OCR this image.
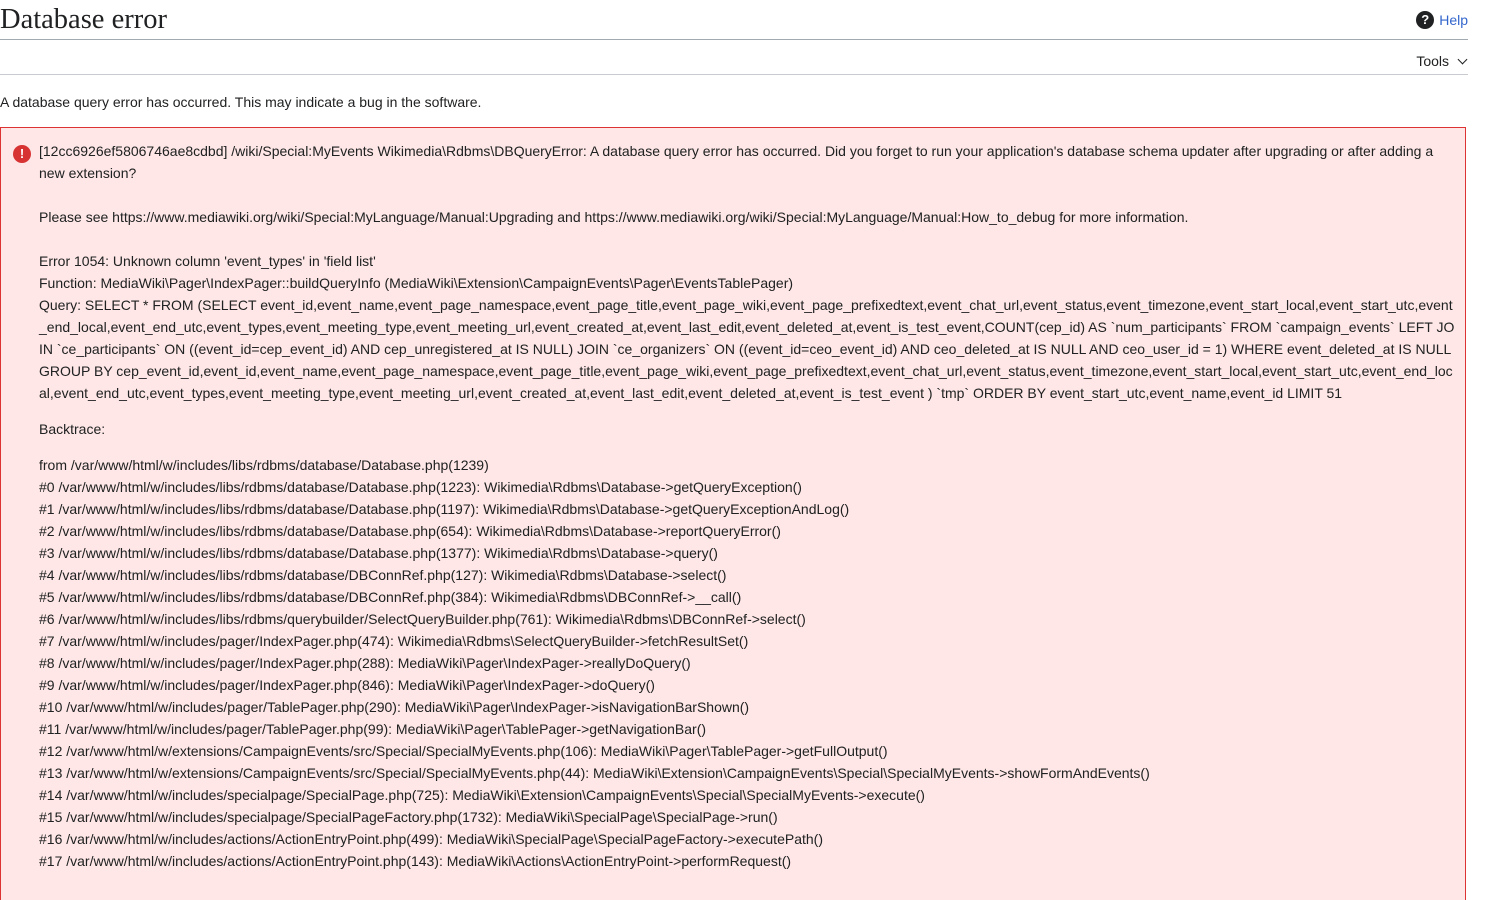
Database error	? Help
Tools
A database query error has occurred. This may indicate a bug in the software.
!	[12cc6926ef5806746ae8cdbd] /wiki/Special:MyEvents Wikimedia\Rdbms\DBQueryError: A database query error has occurred. Did you forget to run your application's database schema updater after upgrading or after adding a new extension?

Please see https://www.mediawiki.org/wiki/Special:MyLanguage/Manual:Upgrading and https://www.mediawiki.org/wiki/Special:MyLanguage/Manual:How_to_debug for more information.

Error 1054: Unknown column 'event_types' in 'field list'

Function: MediaWiki\Pager\IndexPager::buildQueryInfo (MediaWiki\Extension\CampaignEvents\Pager\EventsTablePager)

Query: SELECT * FROM (SELECT event_id,event_name,event_page_namespace,event_page_title,event_page_wiki,event_page_prefixedtext,event_chat_url,event_status,event_timezone,event_start_local,event_start_utc,event_end_local,event_end_utc,event_types,event_meeting_type,event_meeting_url,event_created_at,event_last_edit,event_deleted_at,event_is_test_event,COUNT(cep_id) AS `num_participants` FROM `campaign_events` LEFT JOIN `ce_participants` ON ((event_id=cep_event_id) AND cep_unregistered_at IS NULL) JOIN `ce_organizers` ON ((event_id=ceo_event_id) AND ceo_deleted_at IS NULL AND ceo_user_id = 1) WHERE event_deleted_at IS NULL GROUP BY cep_event_id,event_id,event_name,event_page_namespace,event_page_title,event_page_wiki,event_page_prefixedtext,event_chat_url,event_status,event_timezone,event_start_local,event_start_utc,event_end_local,event_end_utc,event_types,event_meeting_type,event_meeting_url,event_created_at,event_last_edit,event_deleted_at,event_is_test_event ) `tmp` ORDER BY event_start_utc,event_name,event_id LIMIT 51

Backtrace:

from /var/www/html/w/includes/libs/rdbms/database/Database.php(1239)

#0 /var/www/html/w/includes/libs/rdbms/database/Database.php(1223): Wikimedia\Rdbms\Database->getQueryException()

#1 /var/www/html/w/includes/libs/rdbms/database/Database.php(1197): Wikimedia\Rdbms\Database->getQueryExceptionAndLog()

#2 /var/www/html/w/includes/libs/rdbms/database/Database.php(654): Wikimedia\Rdbms\Database->reportQueryError()

#3 /var/www/html/w/includes/libs/rdbms/database/Database.php(1377): Wikimedia\Rdbms\Database->query()

#4 /var/www/html/w/includes/libs/rdbms/database/DBConnRef.php(127): Wikimedia\Rdbms\Database->select()

#5 /var/www/html/w/includes/libs/rdbms/database/DBConnRef.php(384): Wikimedia\Rdbms\DBConnRef->__call()

#6 /var/www/html/w/includes/libs/rdbms/querybuilder/SelectQueryBuilder.php(761): Wikimedia\Rdbms\DBConnRef->select()

#7 /var/www/html/w/includes/pager/IndexPager.php(474): Wikimedia\Rdbms\SelectQueryBuilder->fetchResultSet()

#8 /var/www/html/w/includes/pager/IndexPager.php(288): MediaWiki\Pager\IndexPager->reallyDoQuery()

#9 /var/www/html/w/includes/pager/IndexPager.php(846): MediaWiki\Pager\IndexPager->doQuery()

#10 /var/www/html/w/includes/pager/TablePager.php(290): MediaWiki\Pager\IndexPager->isNavigationBarShown()

#11 /var/www/html/w/includes/pager/TablePager.php(99): MediaWiki\Pager\TablePager->getNavigationBar()

#12 /var/www/html/w/extensions/CampaignEvents/src/Special/SpecialMyEvents.php(106): MediaWiki\Pager\TablePager->getFullOutput()

#13 /var/www/html/w/extensions/CampaignEvents/src/Special/SpecialMyEvents.php(44): MediaWiki\Extension\CampaignEvents\Special\SpecialMyEvents->showFormAndEvents()

#14 /var/www/html/w/includes/specialpage/SpecialPage.php(725): MediaWiki\Extension\CampaignEvents\Special\SpecialMyEvents->execute()

#15 /var/www/html/w/includes/specialpage/SpecialPageFactory.php(1732): MediaWiki\SpecialPage\SpecialPage->run()

#16 /var/www/html/w/includes/actions/ActionEntryPoint.php(499): MediaWiki\SpecialPage\SpecialPageFactory->executePath()

#17 /var/www/html/w/includes/actions/ActionEntryPoint.php(143): MediaWiki\Actions\ActionEntryPoint->performRequest()
